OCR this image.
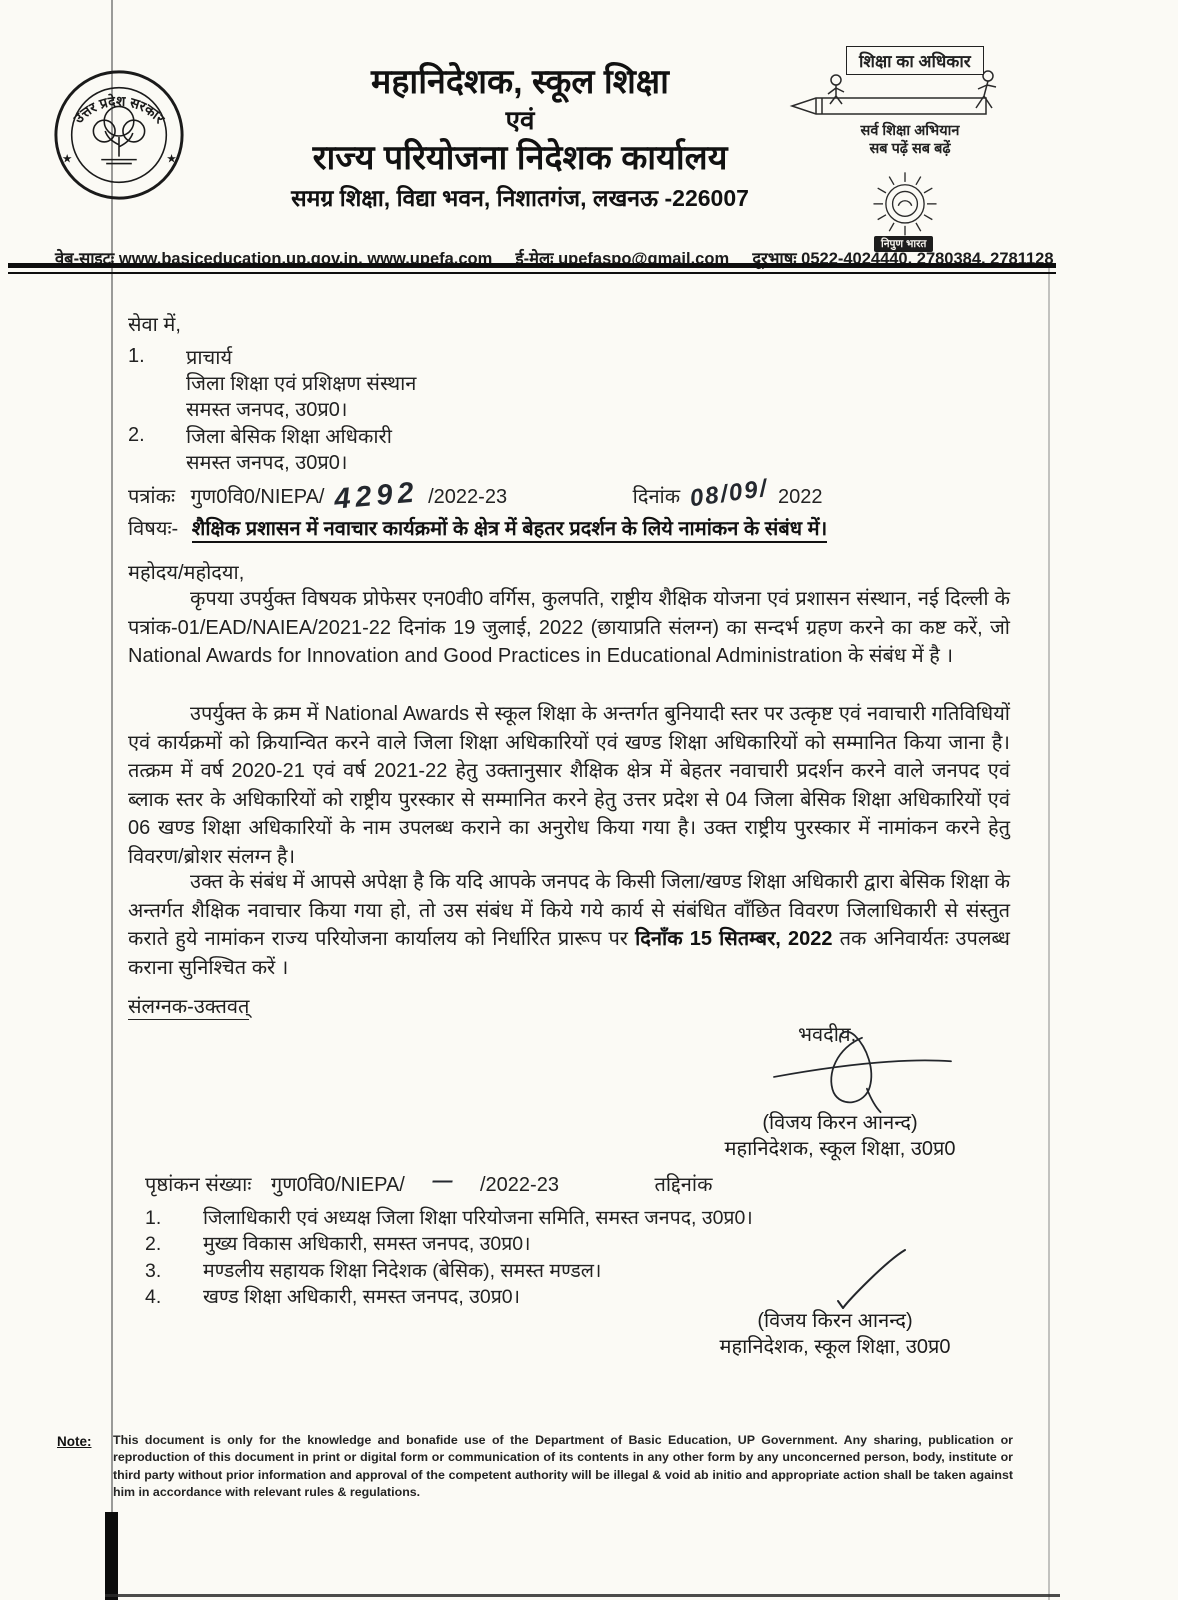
उत्तर प्रदेश सरकार
★	★
महानिदेशक, स्कूल शिक्षा
एवं
राज्य परियोजना निदेशक कार्यालय
समग्र शिक्षा, विद्या भवन, निशातगंज, लखनऊ -226007
शिक्षा का अधिकार
सर्व शिक्षा अभियान
सब पढ़ें सब बढ़ें
निपुण भारत
वेब-साइटः www.basiceducation.up.gov.in, www.upefa.com ई-मेलः upefaspo@gmail.com दूरभाषः 0522-4024440, 2780384, 2781128
सेवा में,
1. प्राचार्य
जिला शिक्षा एवं प्रशिक्षण संस्थान
समस्त जनपद, उ0प्र0।
2. जिला बेसिक शिक्षा अधिकारी
समस्त जनपद, उ0प्र0।
पत्रांकः गुण0वि0/NIEPA/ 4292 /2022-23	दिनांक 08/09/ 2022
विषयः- शैक्षिक प्रशासन में नवाचार कार्यक्रमों के क्षेत्र में बेहतर प्रदर्शन के लिये नामांकन के संबंध में।
महोदय/महोदया,
कृपया उपर्युक्त विषयक प्रोफेसर एन0वी0 वर्गिस, कुलपति, राष्ट्रीय शैक्षिक योजना एवं प्रशासन संस्थान, नई दिल्ली के पत्रांक-01/EAD/NAIEA/2021-22 दिनांक 19 जुलाई, 2022 (छायाप्रति संलग्न) का सन्दर्भ ग्रहण करने का कष्ट करें, जो National Awards for Innovation and Good Practices in Educational Administration के संबंध में है ।
उपर्युक्त के क्रम में National Awards से स्कूल शिक्षा के अन्तर्गत बुनियादी स्तर पर उत्कृष्ट एवं नवाचारी गतिविधियों एवं कार्यक्रमों को क्रियान्वित करने वाले जिला शिक्षा अधिकारियों एवं खण्ड शिक्षा अधिकारियों को सम्मानित किया जाना है। तत्क्रम में वर्ष 2020-21 एवं वर्ष 2021-22 हेतु उक्तानुसार शैक्षिक क्षेत्र में बेहतर नवाचारी प्रदर्शन करने वाले जनपद एवं ब्लाक स्तर के अधिकारियों को राष्ट्रीय पुरस्कार से सम्मानित करने हेतु उत्तर प्रदेश से 04 जिला बेसिक शिक्षा अधिकारियों एवं 06 खण्ड शिक्षा अधिकारियों के नाम उपलब्ध कराने का अनुरोध किया गया है। उक्त राष्ट्रीय पुरस्कार में नामांकन करने हेतु विवरण/ब्रोशर संलग्न है।
उक्त के संबंध में आपसे अपेक्षा है कि यदि आपके जनपद के किसी जिला/खण्ड शिक्षा अधिकारी द्वारा बेसिक शिक्षा के अन्तर्गत शैक्षिक नवाचार किया गया हो, तो उस संबंध में किये गये कार्य से संबंधित वाँछित विवरण जिलाधिकारी से संस्तुत कराते हुये नामांकन राज्य परियोजना कार्यालय को निर्धारित प्रारूप पर दिनाँक 15 सितम्बर, 2022 तक अनिवार्यतः उपलब्ध कराना सुनिश्चित करें ।
संलग्नक-उक्तवत्
भवदीय,
(विजय किरन आनन्द)
महानिदेशक, स्कूल शिक्षा, उ0प्र0
पृष्ठांकन संख्याः गुण0वि0/NIEPA/ — /2022-23	तद्दिनांक
1. जिलाधिकारी एवं अध्यक्ष जिला शिक्षा परियोजना समिति, समस्त जनपद, उ0प्र0।
2. मुख्य विकास अधिकारी, समस्त जनपद, उ0प्र0।
3. मण्डलीय सहायक शिक्षा निदेशक (बेसिक), समस्त मण्डल।
4. खण्ड शिक्षा अधिकारी, समस्त जनपद, उ0प्र0।
(विजय किरन आनन्द)
महानिदेशक, स्कूल शिक्षा, उ0प्र0
Note: This document is only for the knowledge and bonafide use of the Department of Basic Education, UP Government. Any sharing, publication or reproduction of this document in print or digital form or communication of its contents in any other form by any unconcerned person, body, institute or third party without prior information and approval of the competent authority will be illegal & void ab initio and appropriate action shall be taken against him in accordance with relevant rules & regulations.
